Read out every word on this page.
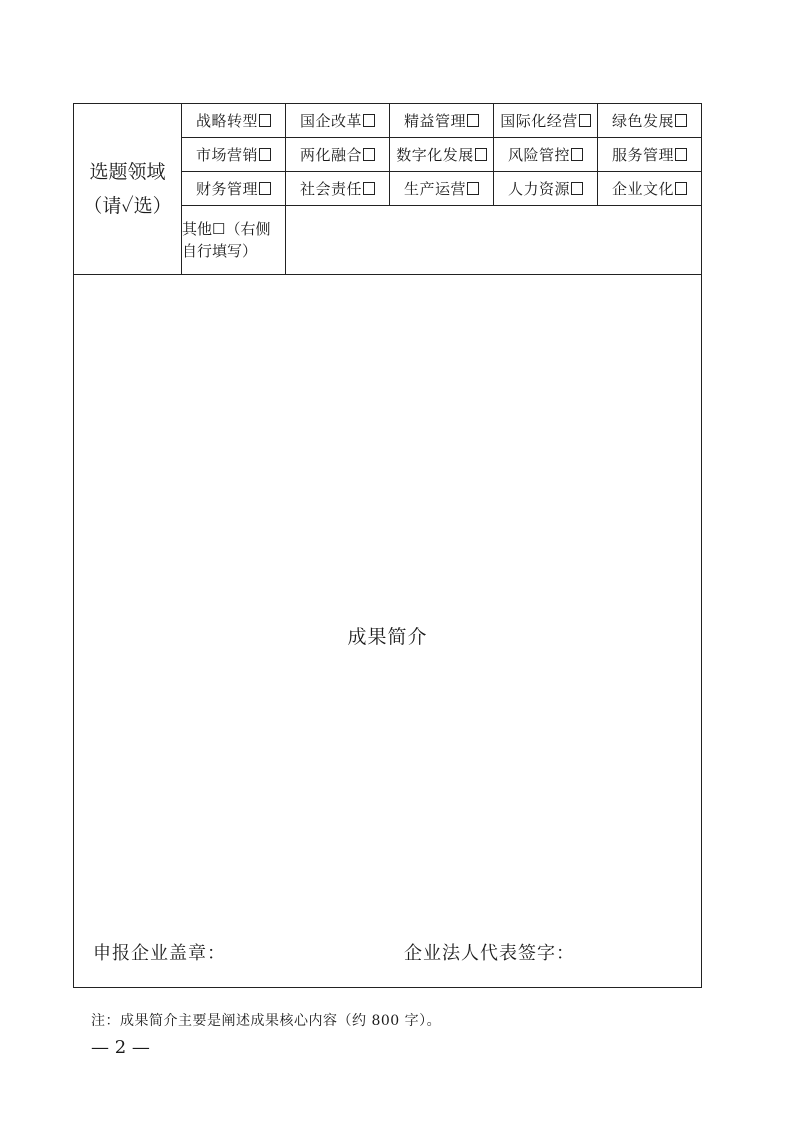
选题领域
（请✓选）	战略转型	国企改革	精益管理	国际化经营	绿色发展
	市场营销	两化融合	数字化发展	风险管控	服务管理
	财务管理	社会责任	生产运营	人力资源	企业文化

	其他☐（右侧
自行填写）				

成果简介
申报企业盖章： 企业法人代表签字：					
注：成果简介主要是阐述成果核心内容（约 800 字）。
— 2 —
